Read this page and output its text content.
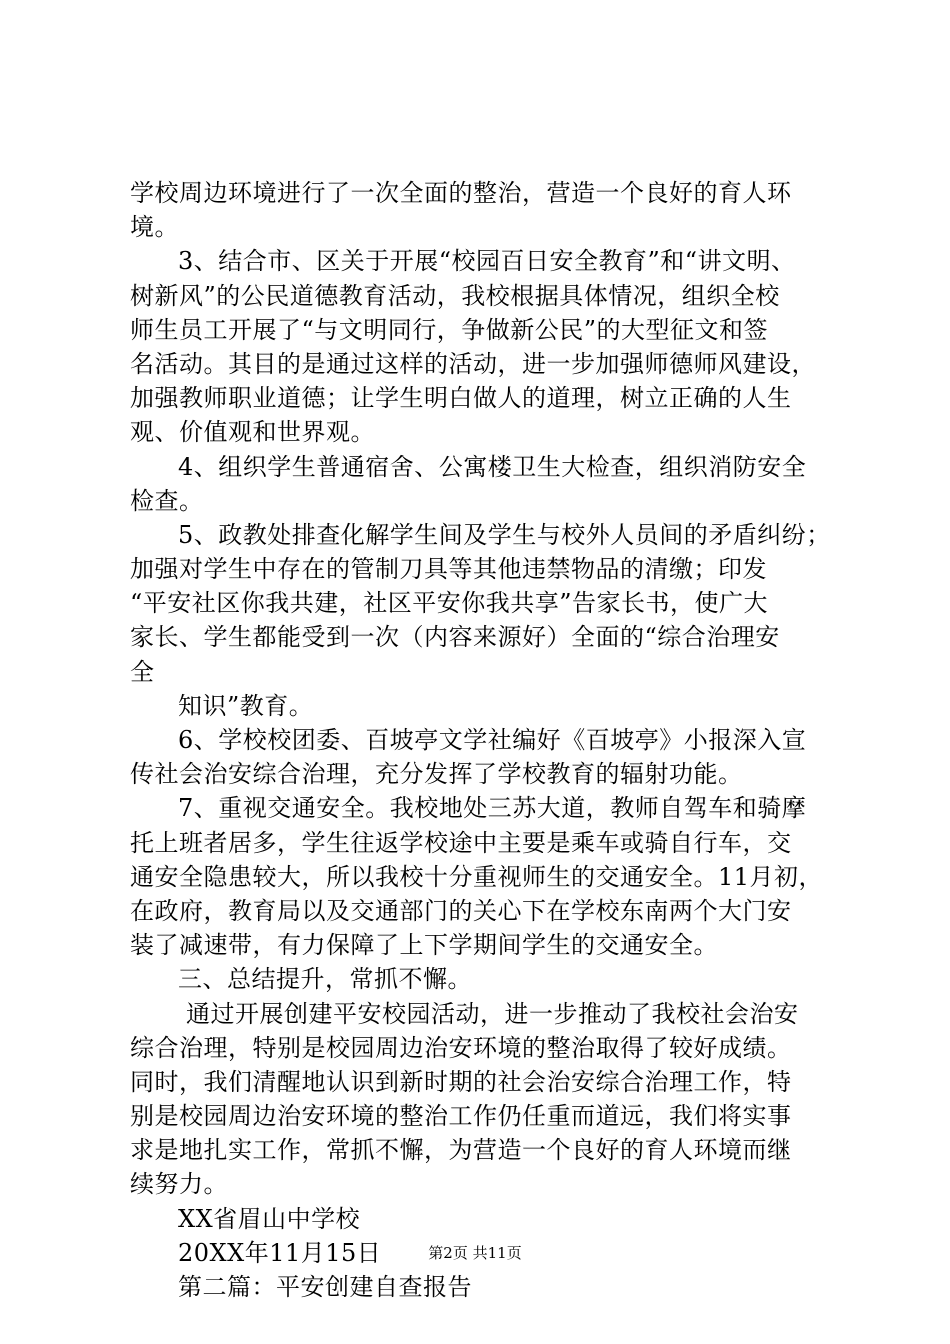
学校周边环境进行了一次全面的整治，营造一个良好的育人环
境。
3、结合市、区关于开展“校园百日安全教育”和“讲文明、
树新风”的公民道德教育活动，我校根据具体情况，组织全校
师生员工开展了“与文明同行，争做新公民”的大型征文和签
名活动。其目的是通过这样的活动，进一步加强师德师风建设，
加强教师职业道德；让学生明白做人的道理，树立正确的人生
观、价值观和世界观。
4、组织学生普通宿舍、公寓楼卫生大检查，组织消防安全
检查。
5、政教处排查化解学生间及学生与校外人员间的矛盾纠纷；
加强对学生中存在的管制刀具等其他违禁物品的清缴；印发
“平安社区你我共建，社区平安你我共享”告家长书，使广大
家长、学生都能受到一次（内容来源好）全面的“综合治理安
全
知识”教育。
6、学校校团委、百坡亭文学社编好《百坡亭》小报深入宣
传社会治安综合治理，充分发挥了学校教育的辐射功能。
7、重视交通安全。我校地处三苏大道，教师自驾车和骑摩
托上班者居多，学生往返学校途中主要是乘车或骑自行车，交
通安全隐患较大，所以我校十分重视师生的交通安全。11月初，
在政府，教育局以及交通部门的关心下在学校东南两个大门安
装了减速带，有力保障了上下学期间学生的交通安全。
三、总结提升，常抓不懈。
通过开展创建平安校园活动，进一步推动了我校社会治安
综合治理，特别是校园周边治安环境的整治取得了较好成绩。
同时，我们清醒地认识到新时期的社会治安综合治理工作，特
别是校园周边治安环境的整治工作仍任重而道远，我们将实事
求是地扎实工作，常抓不懈，为营造一个良好的育人环境而继
续努力。
XX省眉山中学校
20XX年11月15日
第二篇：平安创建自查报告
第2页 共11页
